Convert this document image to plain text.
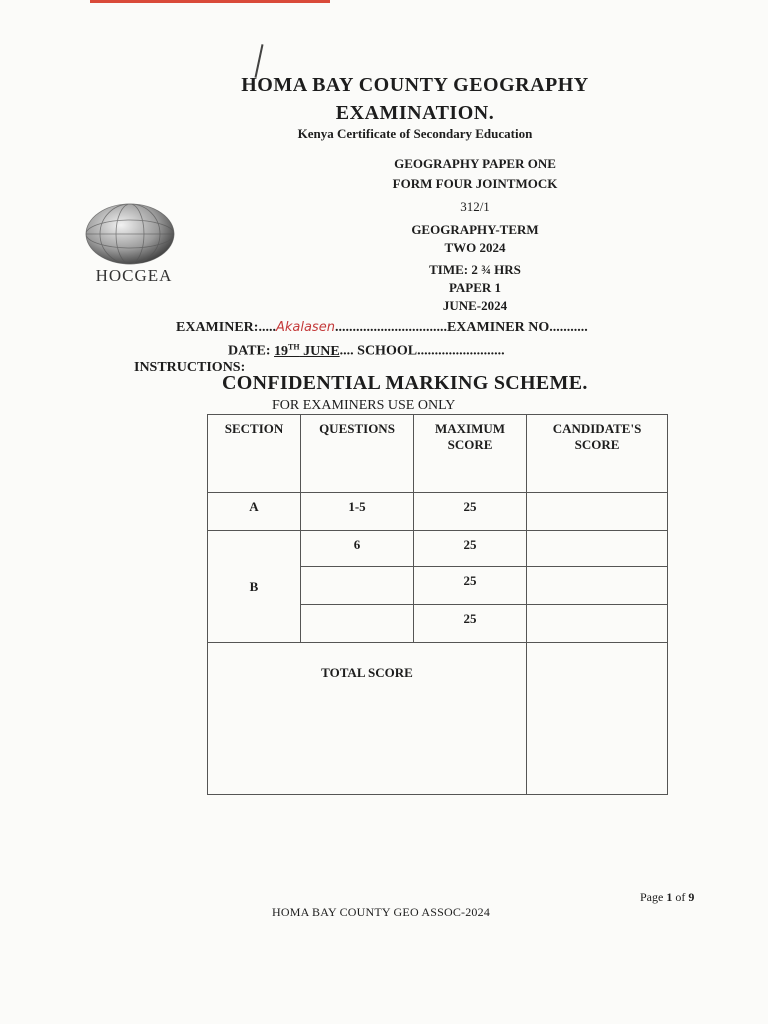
HOMA BAY COUNTY GEOGRAPHY
EXAMINATION.
Kenya Certificate of Secondary Education
GEOGRAPHY PAPER ONE
FORM FOUR JOINTMOCK
312/1
GEOGRAPHY-TERM
TWO 2024
TIME: 2 ¾ HRS
PAPER 1
JUNE-2024
HOCGEA
EXAMINER:.....Akalasen................................EXAMINER NO...........
DATE: 19TH JUNE.... SCHOOL.........................
INSTRUCTIONS:
CONFIDENTIAL MARKING SCHEME.
FOR EXAMINERS USE ONLY
SECTION	QUESTIONS	MAXIMUM SCORE	CANDIDATE'S SCORE
A	1-5	25	
B	6	25	
		25	
		25	
TOTAL SCORE			
Page 1 of 9
HOMA BAY COUNTY GEO ASSOC-2024
